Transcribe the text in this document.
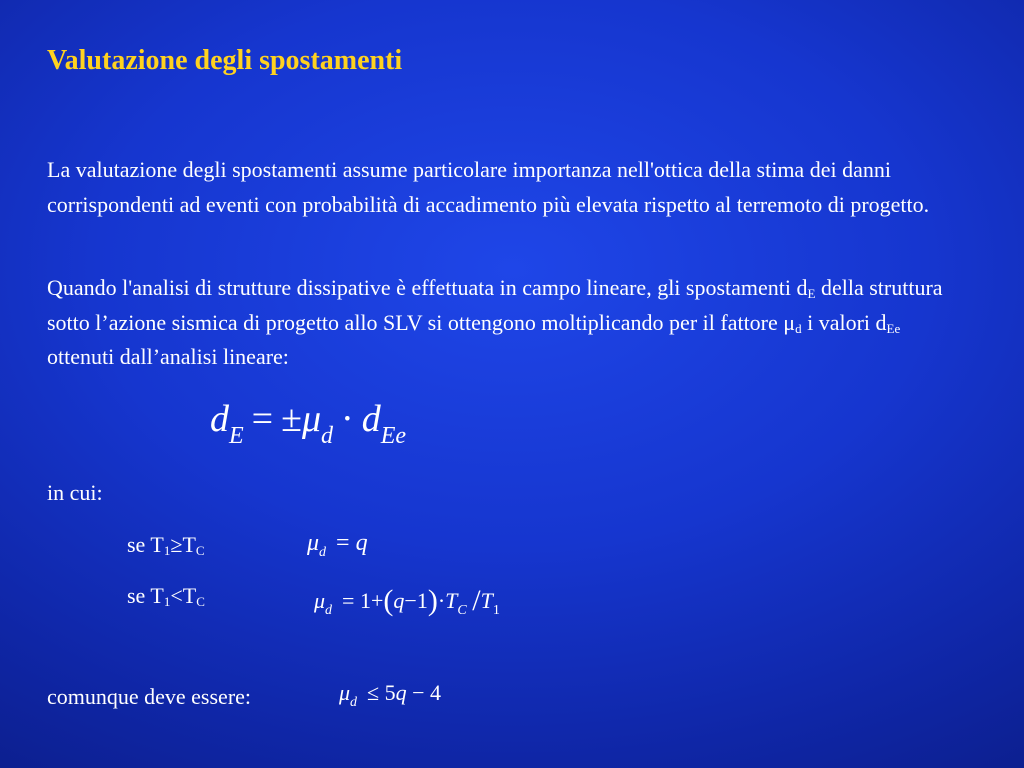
Valutazione degli spostamenti
La valutazione degli spostamenti assume particolare importanza nell'ottica della stima dei danni corrispondenti ad eventi con probabilità di accadimento più elevata rispetto al terremoto di progetto.
Quando l'analisi di strutture dissipative è effettuata in campo lineare, gli spostamenti $d_E$ della struttura sotto l’azione sismica di progetto allo SLV si ottengono moltiplicando per il fattore $\mu_d$ i valori $d_{Ee}$ ottenuti dall’analisi lineare:
$d_E = \pm\mu_d \cdot d_{Ee}$
in cui:
se $T_1\ge T_C$	$\mu_d = q$
se $T_1<T_C$	$\mu_d = 1+(q-1)\cdot T_C$ $/T_1$
comunque deve essere:	$\mu_d \le 5q - 4$
